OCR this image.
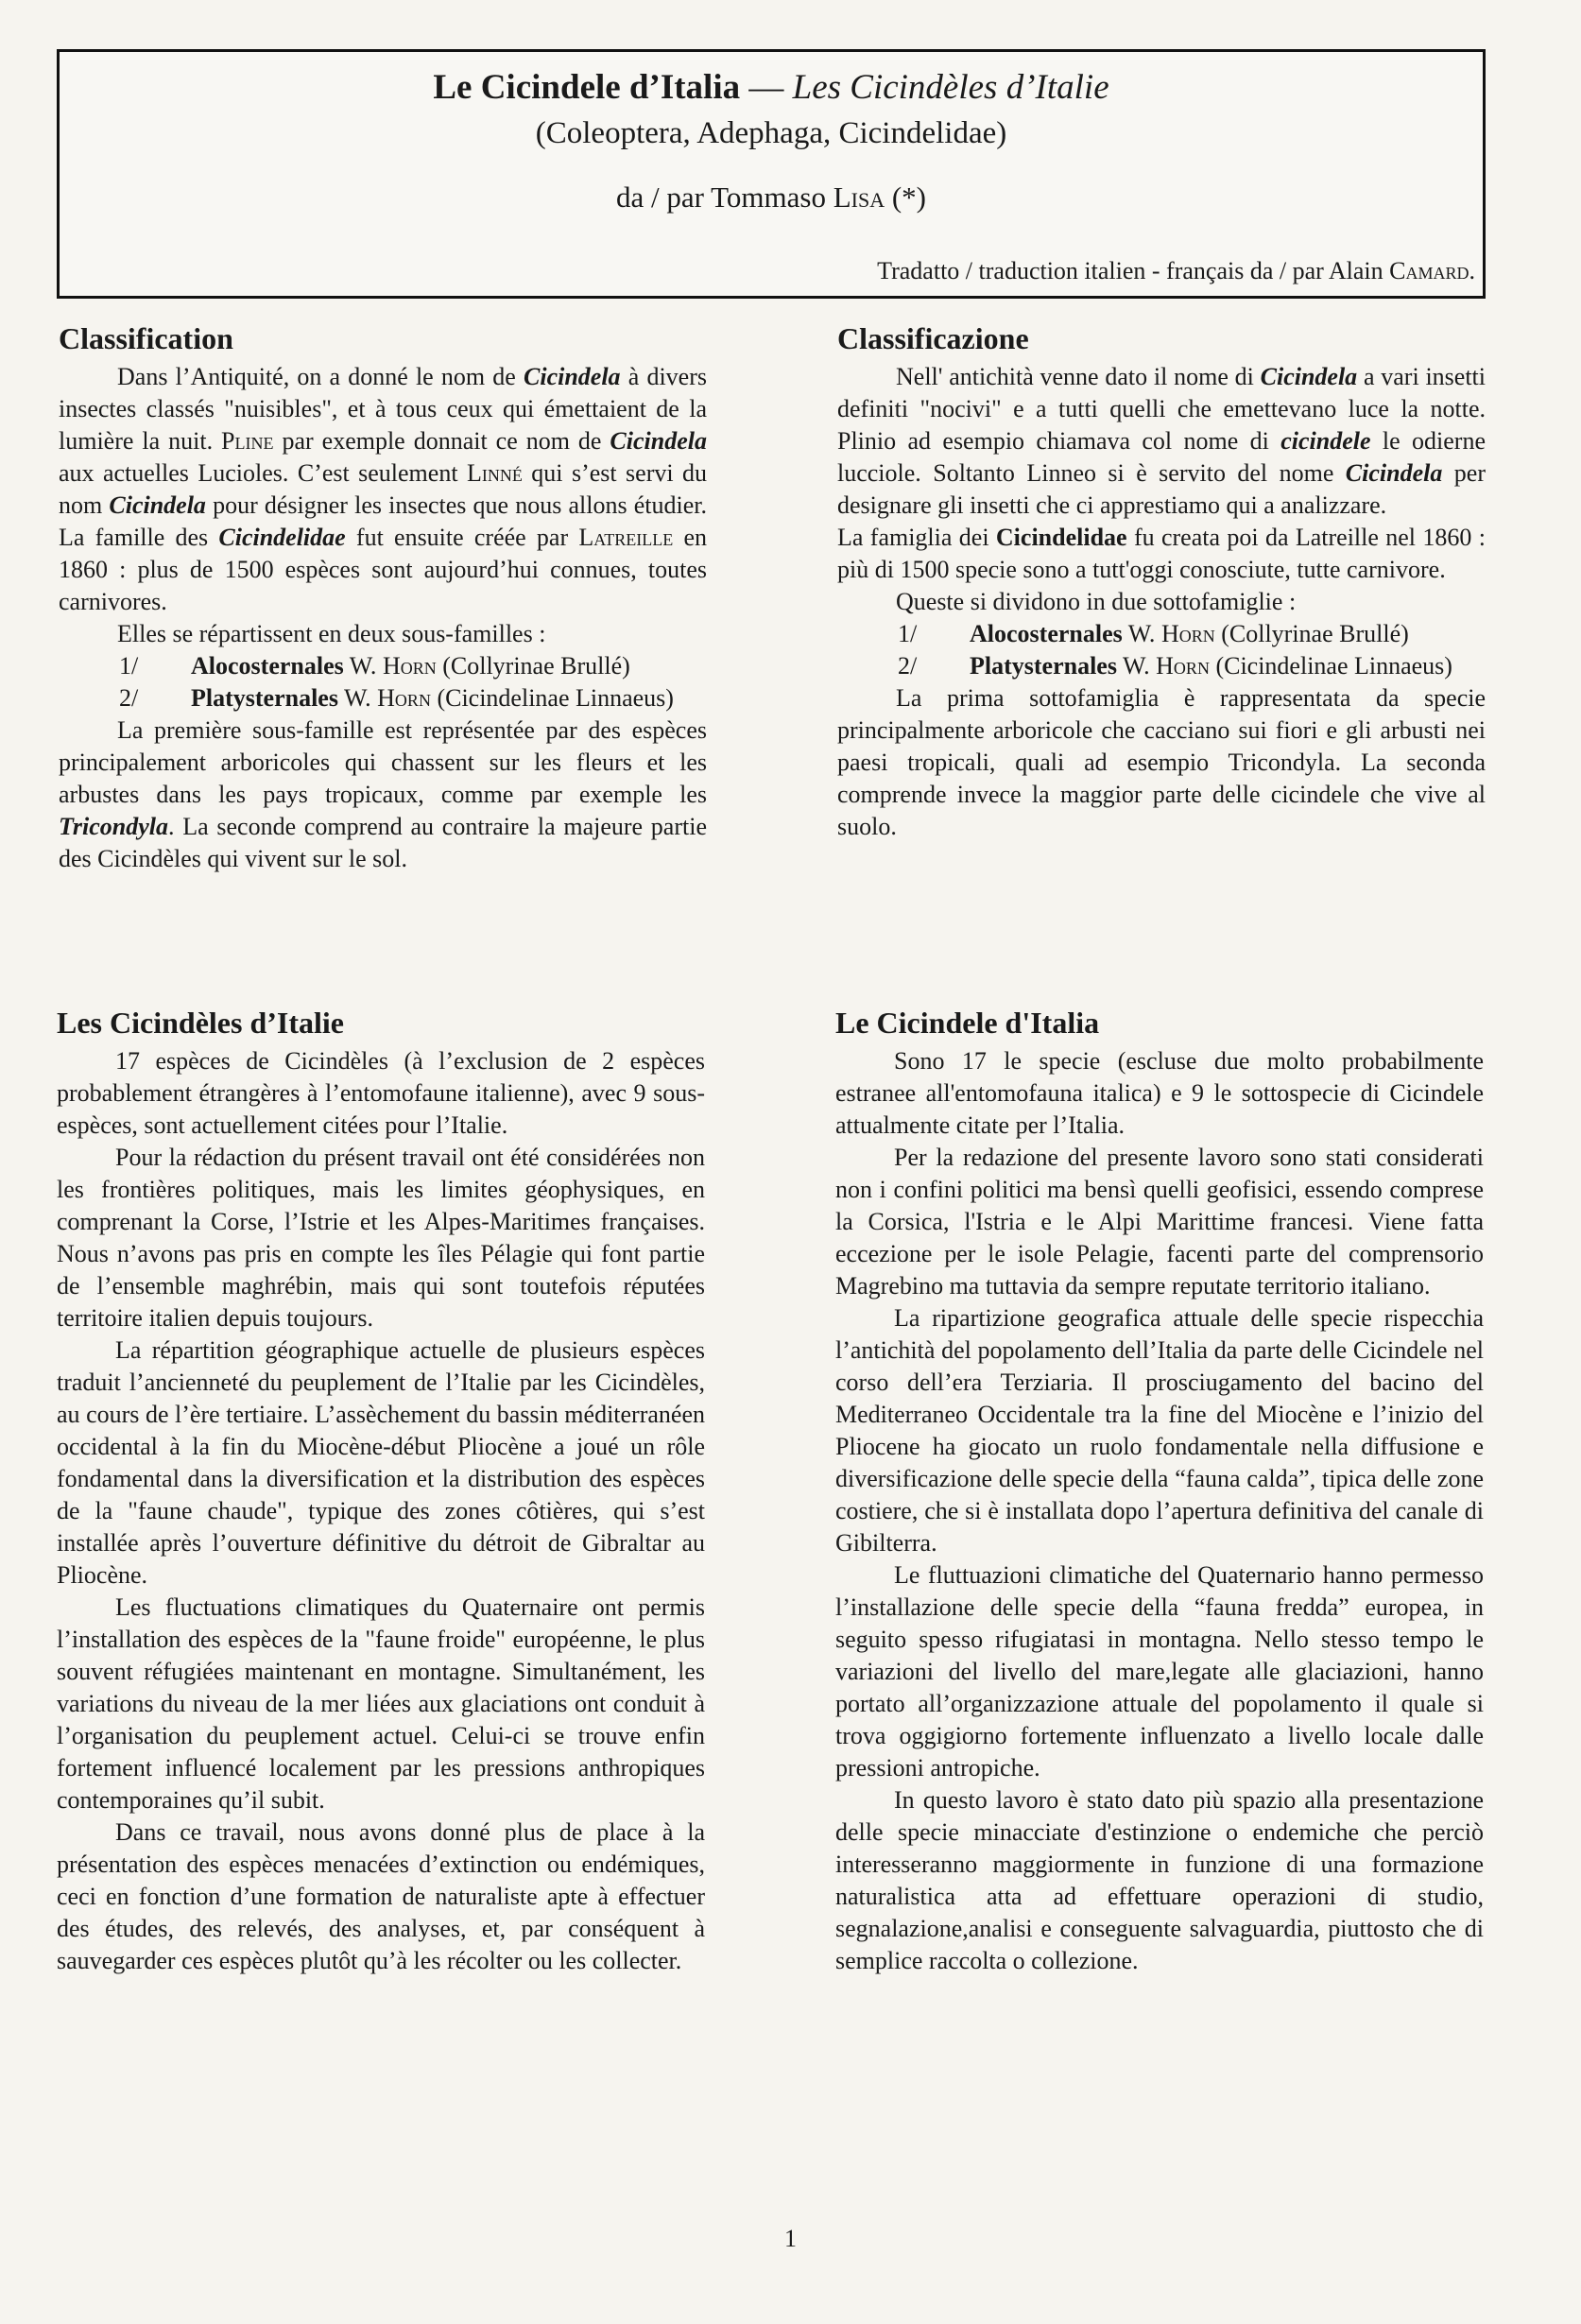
Le Cicindele d’Italia — Les Cicindèles d’Italie
(Coleoptera, Adephaga, Cicindelidae)
da / par Tommaso Lisa (*)
Tradatto / traduction italien - français da / par Alain Camard.
Classification

Dans l’Antiquité, on a donné le nom de Cicindela à divers insectes classés "nuisibles", et à tous ceux qui émettaient de la lumière la nuit. Pline par exemple donnait ce nom de Cicindela aux actuelles Lucioles. C’est seulement Linné qui s’est servi du nom Cicindela pour désigner les insectes que nous allons étudier. La famille des Cicindelidae fut ensuite créée par Latreille en 1860 : plus de 1500 espèces sont aujourd’hui connues, toutes carnivores.

Elles se répartissent en deux sous-familles :

1/	Alocosternales W. Horn (Collyrinae Brullé)
2/	Platysternales W. Horn (Cicindelinae Linnaeus)

La première sous-famille est représentée par des espèces principalement arboricoles qui chassent sur les fleurs et les arbustes dans les pays tropicaux, comme par exemple les Tricondyla. La seconde comprend au contraire la majeure partie des Cicindèles qui vivent sur le sol.

Classificazione

Nell' antichità venne dato il nome di Cicindela a vari insetti definiti "nocivi" e a tutti quelli che emettevano luce la notte. Plinio ad esempio chiamava col nome di cicindele le odierne lucciole. Soltanto Linneo si è servito del nome Cicindela per designare gli insetti che ci apprestiamo qui a analizzare.

La famiglia dei Cicindelidae fu creata poi da Latreille nel 1860 : più di 1500 specie sono a tutt'oggi conosciute, tutte carnivore.

Queste si dividono in due sottofamiglie :

1/	Alocosternales W. Horn (Collyrinae Brullé)
2/	Platysternales W. Horn (Cicindelinae Linnaeus)

La prima sottofamiglia è rappresentata da specie principalmente arboricole che cacciano sui fiori e gli arbusti nei paesi tropicali, quali ad esempio Tricondyla. La seconda comprende invece la maggior parte delle cicindele che vive al suolo.

Les Cicindèles d’Italie

17 espèces de Cicindèles (à l’exclusion de 2 espèces probablement étrangères à l’entomofaune italienne), avec 9 sous-espèces, sont actuellement citées pour l’Italie.

Pour la rédaction du présent travail ont été considérées non les frontières politiques, mais les limites géophysiques, en comprenant la Corse, l’Istrie et les Alpes-Maritimes françaises. Nous n’avons pas pris en compte les îles Pélagie qui font partie de l’ensemble maghrébin, mais qui sont toutefois réputées territoire italien depuis toujours.

La répartition géographique actuelle de plusieurs espèces traduit l’ancienneté du peuplement de l’Italie par les Cicindèles, au cours de l’ère tertiaire. L’assèchement du bassin méditerranéen occidental à la fin du Miocène-début Pliocène a joué un rôle fondamental dans la diversification et la distribution des espèces de la "faune chaude", typique des zones côtières, qui s’est installée après l’ouverture définitive du détroit de Gibraltar au Pliocène.

Les fluctuations climatiques du Quaternaire ont permis l’installation des espèces de la "faune froide" européenne, le plus souvent réfugiées maintenant en montagne. Simultanément, les variations du niveau de la mer liées aux glaciations ont conduit à l’organisation du peuplement actuel. Celui-ci se trouve enfin fortement influencé localement par les pressions anthropiques contemporaines qu’il subit.

Dans ce travail, nous avons donné plus de place à la présentation des espèces menacées d’extinction ou endémiques, ceci en fonction d’une formation de naturaliste apte à effectuer des études, des relevés, des analyses, et, par conséquent à sauvegarder ces espèces plutôt qu’à les récolter ou les collecter.

Le Cicindele d'Italia

Sono 17 le specie (escluse due molto probabilmente estranee all'entomofauna italica) e 9 le sottospecie di Cicindele attualmente citate per l’Italia.

Per la redazione del presente lavoro sono stati considerati non i confini politici ma bensì quelli geofisici, essendo comprese la Corsica, l'Istria e le Alpi Marittime francesi. Viene fatta eccezione per le isole Pelagie, facenti parte del comprensorio Magrebino ma tuttavia da sempre reputate territorio italiano.

La ripartizione geografica attuale delle specie rispecchia l’antichità del popolamento dell’Italia da parte delle Cicindele nel corso dell’era Terziaria. Il prosciugamento del bacino del Mediterraneo Occidentale tra la fine del Miocène e l’inizio del Pliocene ha giocato un ruolo fondamentale nella diffusione e diversificazione delle specie della “fauna calda”, tipica delle zone costiere, che si è installata dopo l’apertura definitiva del canale di Gibilterra.

Le fluttuazioni climatiche del Quaternario hanno permesso l’installazione delle specie della “fauna fredda” europea, in seguito spesso rifugiatasi in montagna. Nello stesso tempo le variazioni del livello del mare,legate alle glaciazioni, hanno portato all’organizzazione attuale del popolamento il quale si trova oggigiorno fortemente influenzato a livello locale dalle pressioni antropiche.

In questo lavoro è stato dato più spazio alla presentazione delle specie minacciate d'estinzione o endemiche che perciò interesseranno maggiormente in funzione di una formazione naturalistica atta ad effettuare operazioni di studio, segnalazione,analisi e conseguente salvaguardia, piuttosto che di semplice raccolta o collezione.

1
